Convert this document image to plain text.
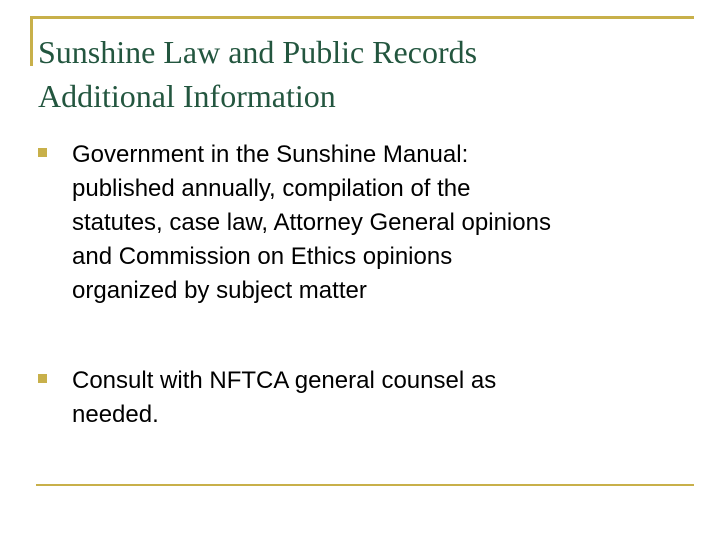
Sunshine Law and Public Records
Additional Information
Government in the Sunshine Manual:
published annually, compilation of the
statutes, case law, Attorney General opinions
and Commission on Ethics opinions
organized by subject matter
Consult with NFTCA general counsel as
needed.
